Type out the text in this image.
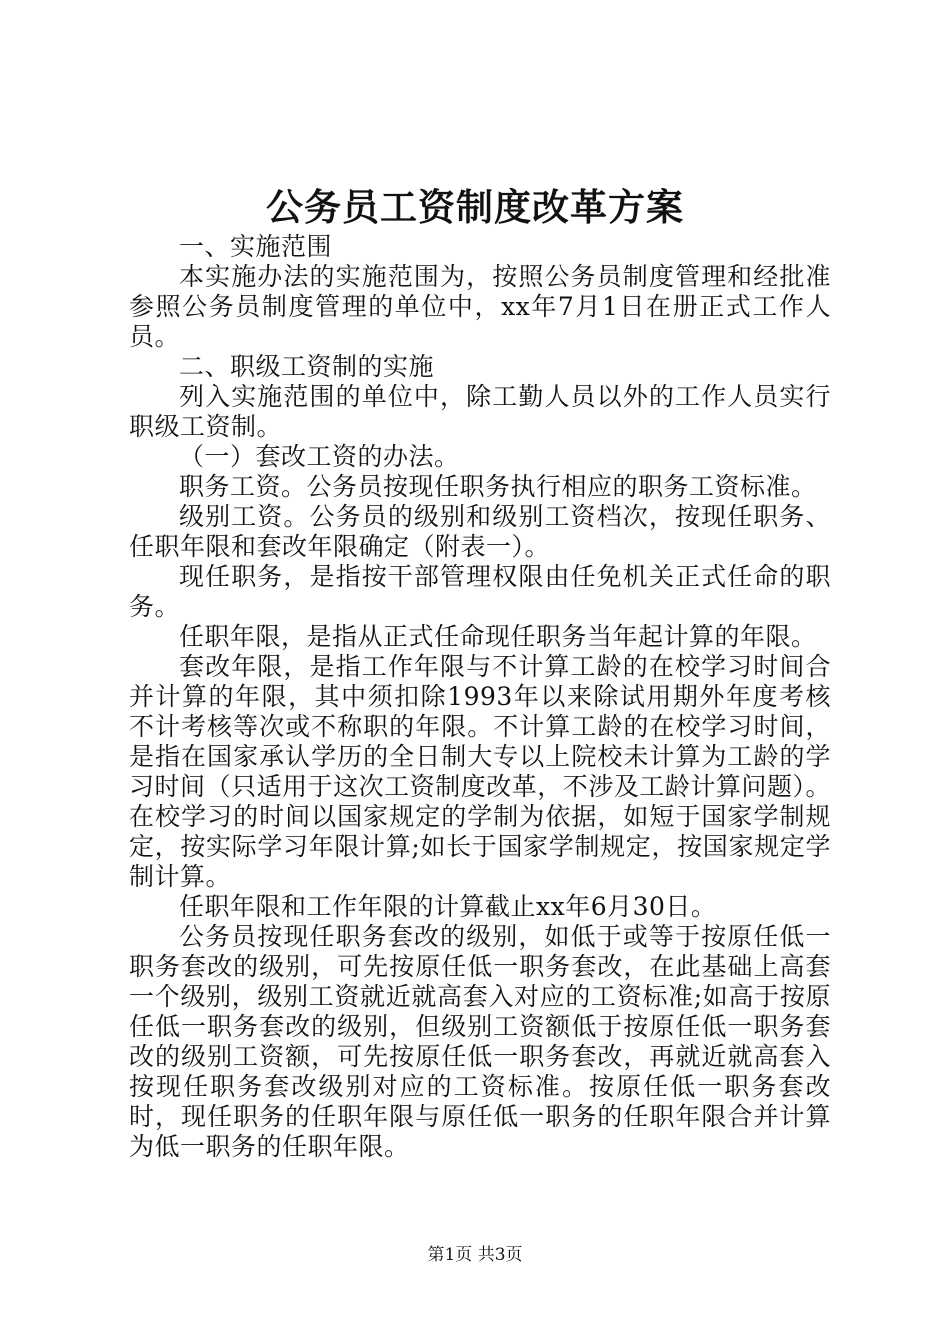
公务员工资制度改革方案

一、实施范围

本实施办法的实施范围为，按照公务员制度管理和经批准参照公务员制度管理的单位中，xx年7月1日在册正式工作人员。

二、职级工资制的实施

列入实施范围的单位中，除工勤人员以外的工作人员实行职级工资制。

（一）套改工资的办法。

职务工资。公务员按现任职务执行相应的职务工资标准。

级别工资。公务员的级别和级别工资档次，按现任职务、任职年限和套改年限确定（附表一）。

现任职务，是指按干部管理权限由任免机关正式任命的职务。

任职年限，是指从正式任命现任职务当年起计算的年限。

套改年限，是指工作年限与不计算工龄的在校学习时间合并计算的年限，其中须扣除1993年以来除试用期外年度考核不计考核等次或不称职的年限。不计算工龄的在校学习时间，是指在国家承认学历的全日制大专以上院校未计算为工龄的学习时间（只适用于这次工资制度改革，不涉及工龄计算问题）。在校学习的时间以国家规定的学制为依据，如短于国家学制规定，按实际学习年限计算;如长于国家学制规定，按国家规定学制计算。

任职年限和工作年限的计算截止xx年6月30日。

公务员按现任职务套改的级别，如低于或等于按原任低一职务套改的级别，可先按原任低一职务套改，在此基础上高套一个级别，级别工资就近就高套入对应的工资标准;如高于按原任低一职务套改的级别，但级别工资额低于按原任低一职务套改的级别工资额，可先按原任低一职务套改，再就近就高套入按现任职务套改级别对应的工资标准。按原任低一职务套改时，现任职务的任职年限与原任低一职务的任职年限合并计算为低一职务的任职年限。

第1页 共3页
